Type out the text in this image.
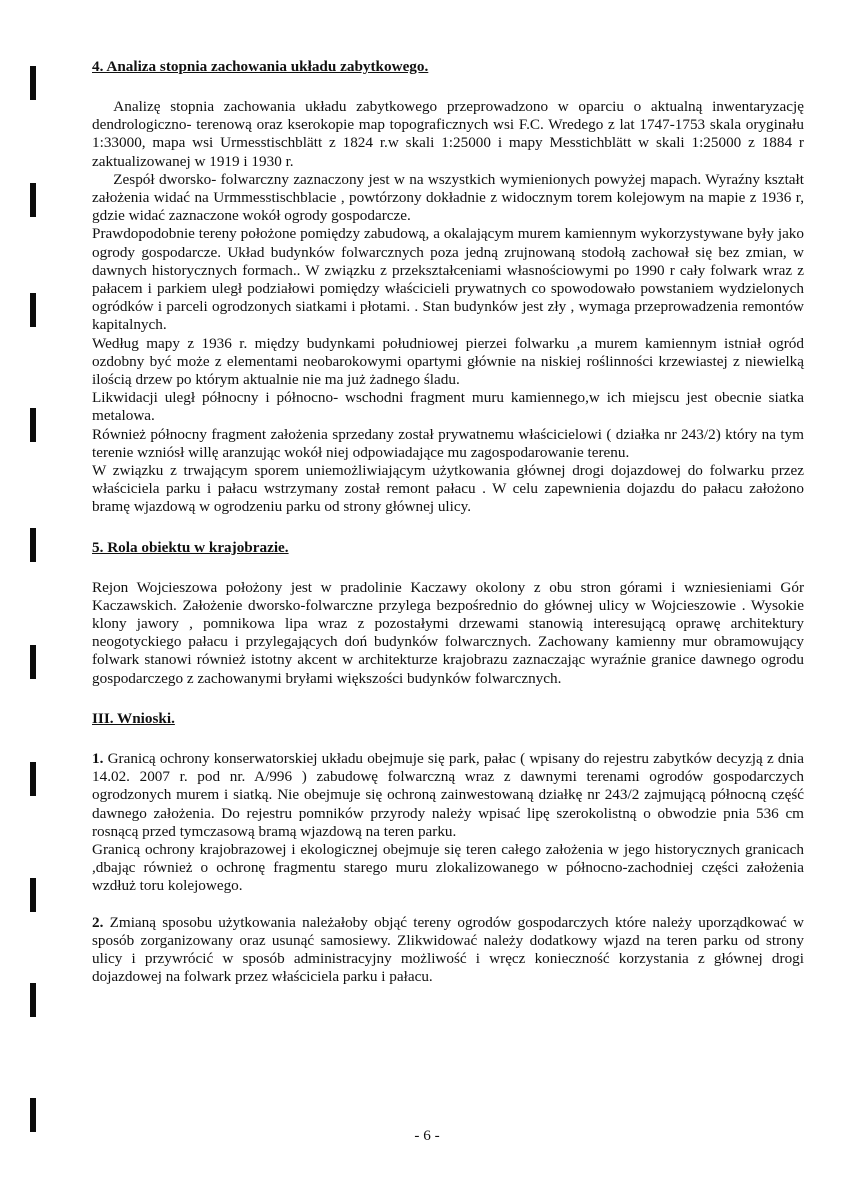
4. Analiza stopnia zachowania układu zabytkowego.

Analizę stopnia zachowania układu zabytkowego przeprowadzono w oparciu o aktualną inwentaryzację dendrologiczno- terenową oraz kserokopie map topograficznych wsi F.C. Wredego z lat 1747-1753 skala oryginału 1:33000, mapa wsi Urmesstischblätt z 1824 r.w skali 1:25000 i mapy Messtichblätt w skali 1:25000 z 1884 r zaktualizowanej w 1919 i 1930 r.

Zespół dworsko- folwarczny zaznaczony jest w na wszystkich wymienionych powyżej mapach. Wyraźny kształt założenia widać na Urmmesstischblacie , powtórzony dokładnie z widocznym torem kolejowym na mapie z 1936 r, gdzie widać zaznaczone wokół ogrody gospodarcze.

Prawdopodobnie tereny położone pomiędzy zabudową, a okalającym murem kamiennym wykorzystywane były jako ogrody gospodarcze. Układ budynków folwarcznych poza jedną zrujnowaną stodołą zachował się bez zmian, w dawnych historycznych formach.. W związku z przekształceniami własnościowymi po 1990 r cały folwark wraz z pałacem i parkiem uległ podziałowi pomiędzy właścicieli prywatnych co spowodowało powstaniem wydzielonych ogródków i parceli ogrodzonych siatkami i płotami. . Stan budynków jest zły , wymaga przeprowadzenia remontów kapitalnych.

Według mapy z 1936 r. między budynkami południowej pierzei folwarku ,a murem kamiennym istniał ogród ozdobny być może z elementami neobarokowymi opartymi głównie na niskiej roślinności krzewiastej z niewielką ilością drzew po którym aktualnie nie ma już żadnego śladu.

Likwidacji uległ północny i północno- wschodni fragment muru kamiennego,w ich miejscu jest obecnie siatka metalowa.

Również północny fragment założenia sprzedany został prywatnemu właścicielowi ( działka nr 243/2) który na tym terenie wzniósł willę aranzując wokół niej odpowiadające mu zagospodarowanie terenu.

W związku z trwającym sporem uniemożliwiającym użytkowania głównej drogi dojazdowej do folwarku przez właściciela parku i pałacu wstrzymany został remont pałacu . W celu zapewnienia dojazdu do pałacu założono bramę wjazdową w ogrodzeniu parku od strony głównej ulicy.

5. Rola obiektu w krajobrazie.

Rejon Wojcieszowa położony jest w pradolinie Kaczawy okolony z obu stron górami i wzniesieniami Gór Kaczawskich. Założenie dworsko-folwarczne przylega bezpośrednio do głównej ulicy w Wojcieszowie . Wysokie klony jawory , pomnikowa lipa wraz z pozostałymi drzewami stanowią interesującą oprawę architektury neogotyckiego pałacu i przylegających doń budynków folwarcznych. Zachowany kamienny mur obramowujący folwark stanowi również istotny akcent w architekturze krajobrazu zaznaczając wyraźnie granice dawnego ogrodu gospodarczego z zachowanymi bryłami większości budynków folwarcznych.

III. Wnioski.

1. Granicą ochrony konserwatorskiej układu obejmuje się park, pałac ( wpisany do rejestru zabytków decyzją z dnia 14.02. 2007 r. pod nr. A/996 ) zabudowę folwarczną wraz z dawnymi terenami ogrodów gospodarczych ogrodzonych murem i siatką. Nie obejmuje się ochroną zainwestowaną działkę nr 243/2 zajmującą północną część dawnego założenia. Do rejestru pomników przyrody należy wpisać lipę szerokolistną o obwodzie pnia 536 cm rosnącą przed tymczasową bramą wjazdową na teren parku.

Granicą ochrony krajobrazowej i ekologicznej obejmuje się teren całego założenia w jego historycznych granicach ,dbając również o ochronę fragmentu starego muru zlokalizowanego w północno-zachodniej części założenia wzdłuż toru kolejowego.

2. Zmianą sposobu użytkowania należałoby objąć tereny ogrodów gospodarczych które należy uporządkować w sposób zorganizowany oraz usunąć samosiewy. Zlikwidować należy dodatkowy wjazd na teren parku od strony ulicy i przywrócić w sposób administracyjny możliwość i wręcz konieczność korzystania z głównej drogi dojazdowej na folwark przez właściciela parku i pałacu.

- 6 -
